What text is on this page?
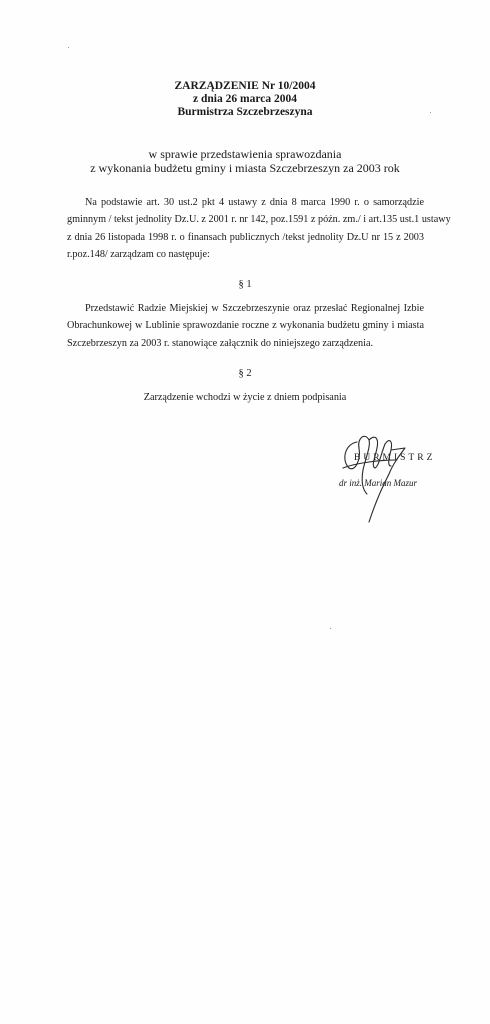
ZARZĄDZENIE Nr 10/2004
z dnia 26 marca 2004
Burmistrza Szczebrzeszyna
w sprawie przedstawienia sprawozdania
z wykonania budżetu gminy i miasta Szczebrzeszyn za 2003 rok
Na podstawie art. 30 ust.2 pkt 4 ustawy z dnia 8 marca 1990 r. o samorządzie
gminnym / tekst jednolity Dz.U. z 2001 r. nr 142, poz.1591 z późn. zm./ i art.135 ust.1 ustawy
z dnia 26 listopada 1998 r. o finansach publicznych /tekst jednolity Dz.U nr 15 z 2003
r.poz.148/ zarządzam co następuje:
§ 1
Przedstawić Radzie Miejskiej w Szczebrzeszynie oraz przesłać Regionalnej Izbie
Obrachunkowej w Lublinie sprawozdanie roczne z wykonania budżetu gminy i miasta
Szczebrzeszyn za 2003 r. stanowiące załącznik do niniejszego zarządzenia.
§ 2
Zarządzenie wchodzi w życie z dniem podpisania
BURMISTRZ
dr inż. Marian Mazur
